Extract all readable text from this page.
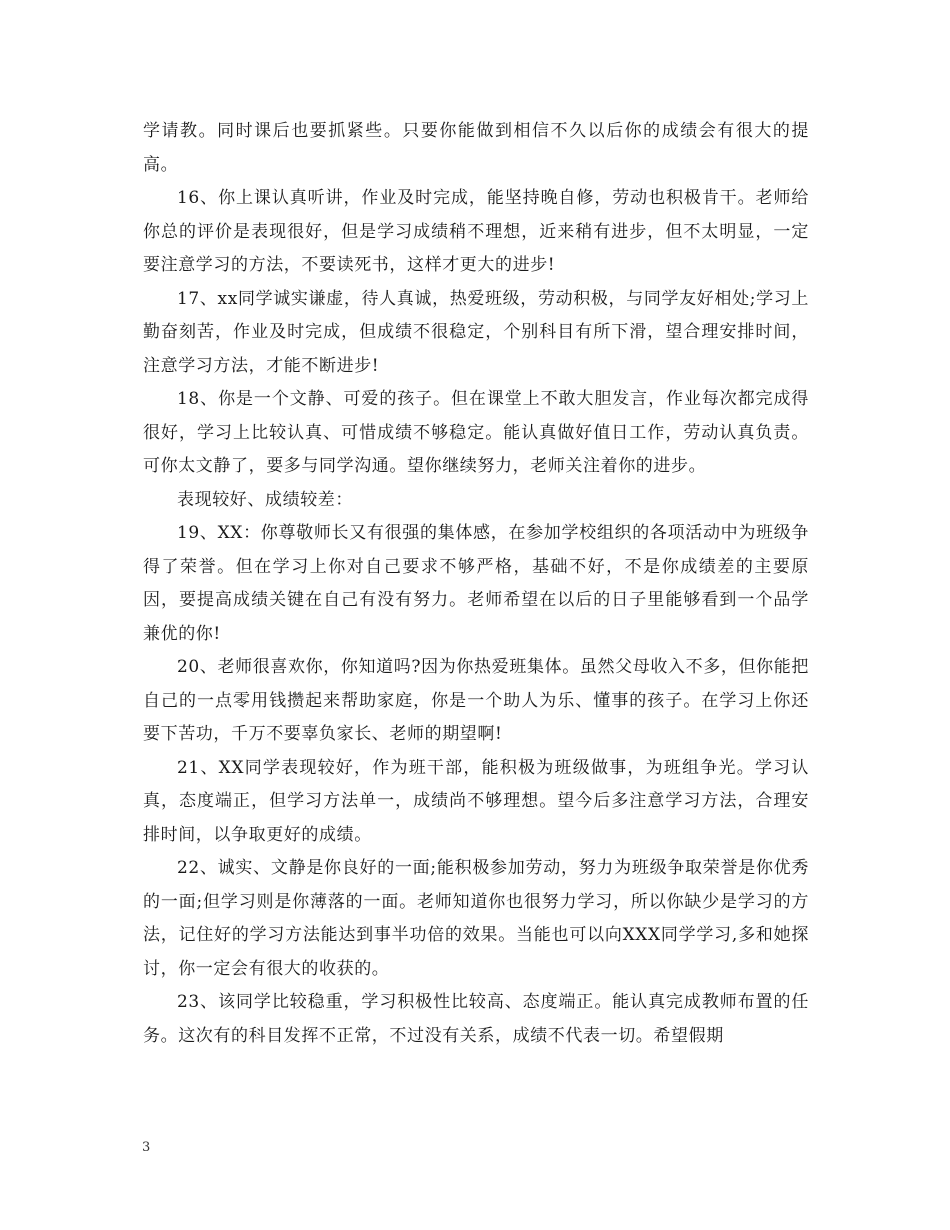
学请教。同时课后也要抓紧些。只要你能做到相信不久以后你的成绩会有很大的提高。

16、你上课认真听讲，作业及时完成，能坚持晚自修，劳动也积极肯干。老师给你总的评价是表现很好，但是学习成绩稍不理想，近来稍有进步，但不太明显，一定要注意学习的方法，不要读死书，这样才更大的进步!

17、xx同学诚实谦虚，待人真诚，热爱班级，劳动积极，与同学友好相处;学习上勤奋刻苦，作业及时完成，但成绩不很稳定，个别科目有所下滑，望合理安排时间，注意学习方法，才能不断进步!

18、你是一个文静、可爱的孩子。但在课堂上不敢大胆发言，作业每次都完成得很好，学习上比较认真、可惜成绩不够稳定。能认真做好值日工作，劳动认真负责。可你太文静了，要多与同学沟通。望你继续努力，老师关注着你的进步。

表现较好、成绩较差：

19、XX：你尊敬师长又有很强的集体感，在参加学校组织的各项活动中为班级争得了荣誉。但在学习上你对自己要求不够严格，基础不好，不是你成绩差的主要原因，要提高成绩关键在自己有没有努力。老师希望在以后的日子里能够看到一个品学兼优的你!

20、老师很喜欢你，你知道吗?因为你热爱班集体。虽然父母收入不多，但你能把自己的一点零用钱攒起来帮助家庭，你是一个助人为乐、懂事的孩子。在学习上你还要下苦功，千万不要辜负家长、老师的期望啊!

21、XX同学表现较好，作为班干部，能积极为班级做事，为班组争光。学习认真，态度端正，但学习方法单一，成绩尚不够理想。望今后多注意学习方法，合理安排时间，以争取更好的成绩。

22、诚实、文静是你良好的一面;能积极参加劳动，努力为班级争取荣誉是你优秀的一面;但学习则是你薄落的一面。老师知道你也很努力学习，所以你缺少是学习的方法，记住好的学习方法能达到事半功倍的效果。当能也可以向XXX同学学习,多和她探讨，你一定会有很大的收获的。

23、该同学比较稳重，学习积极性比较高、态度端正。能认真完成教师布置的任务。这次有的科目发挥不正常，不过没有关系，成绩不代表一切。希望假期

3
